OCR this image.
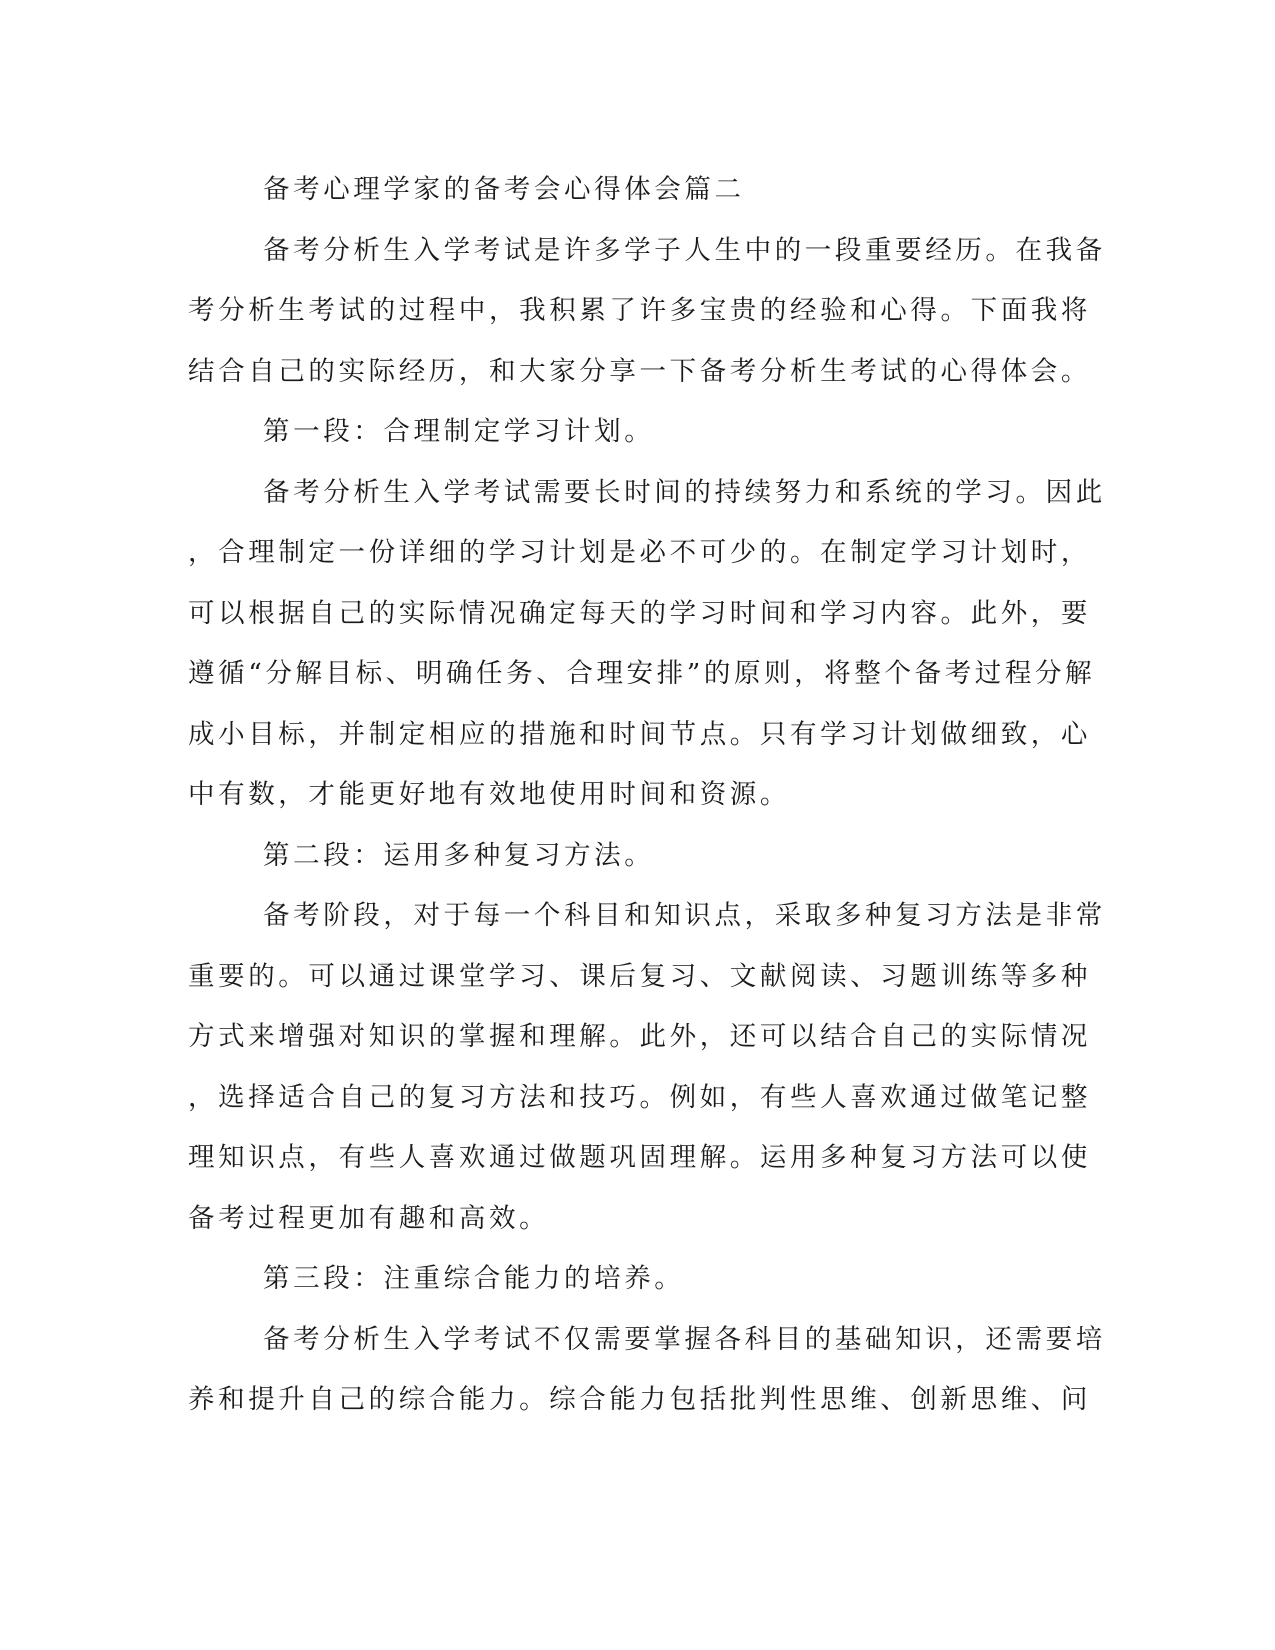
备考心理学家的备考会心得体会篇二
备考分析生入学考试是许多学子人生中的一段重要经历。在我备
考分析生考试的过程中，我积累了许多宝贵的经验和心得。下面我将
结合自己的实际经历，和大家分享一下备考分析生考试的心得体会。
第一段：合理制定学习计划。
备考分析生入学考试需要长时间的持续努力和系统的学习。因此
，合理制定一份详细的学习计划是必不可少的。在制定学习计划时，
可以根据自己的实际情况确定每天的学习时间和学习内容。此外，要
遵循“分解目标、明确任务、合理安排”的原则，将整个备考过程分解
成小目标，并制定相应的措施和时间节点。只有学习计划做细致，心
中有数，才能更好地有效地使用时间和资源。
第二段：运用多种复习方法。
备考阶段，对于每一个科目和知识点，采取多种复习方法是非常
重要的。可以通过课堂学习、课后复习、文献阅读、习题训练等多种
方式来增强对知识的掌握和理解。此外，还可以结合自己的实际情况
，选择适合自己的复习方法和技巧。例如，有些人喜欢通过做笔记整
理知识点，有些人喜欢通过做题巩固理解。运用多种复习方法可以使
备考过程更加有趣和高效。
第三段：注重综合能力的培养。
备考分析生入学考试不仅需要掌握各科目的基础知识，还需要培
养和提升自己的综合能力。综合能力包括批判性思维、创新思维、问
